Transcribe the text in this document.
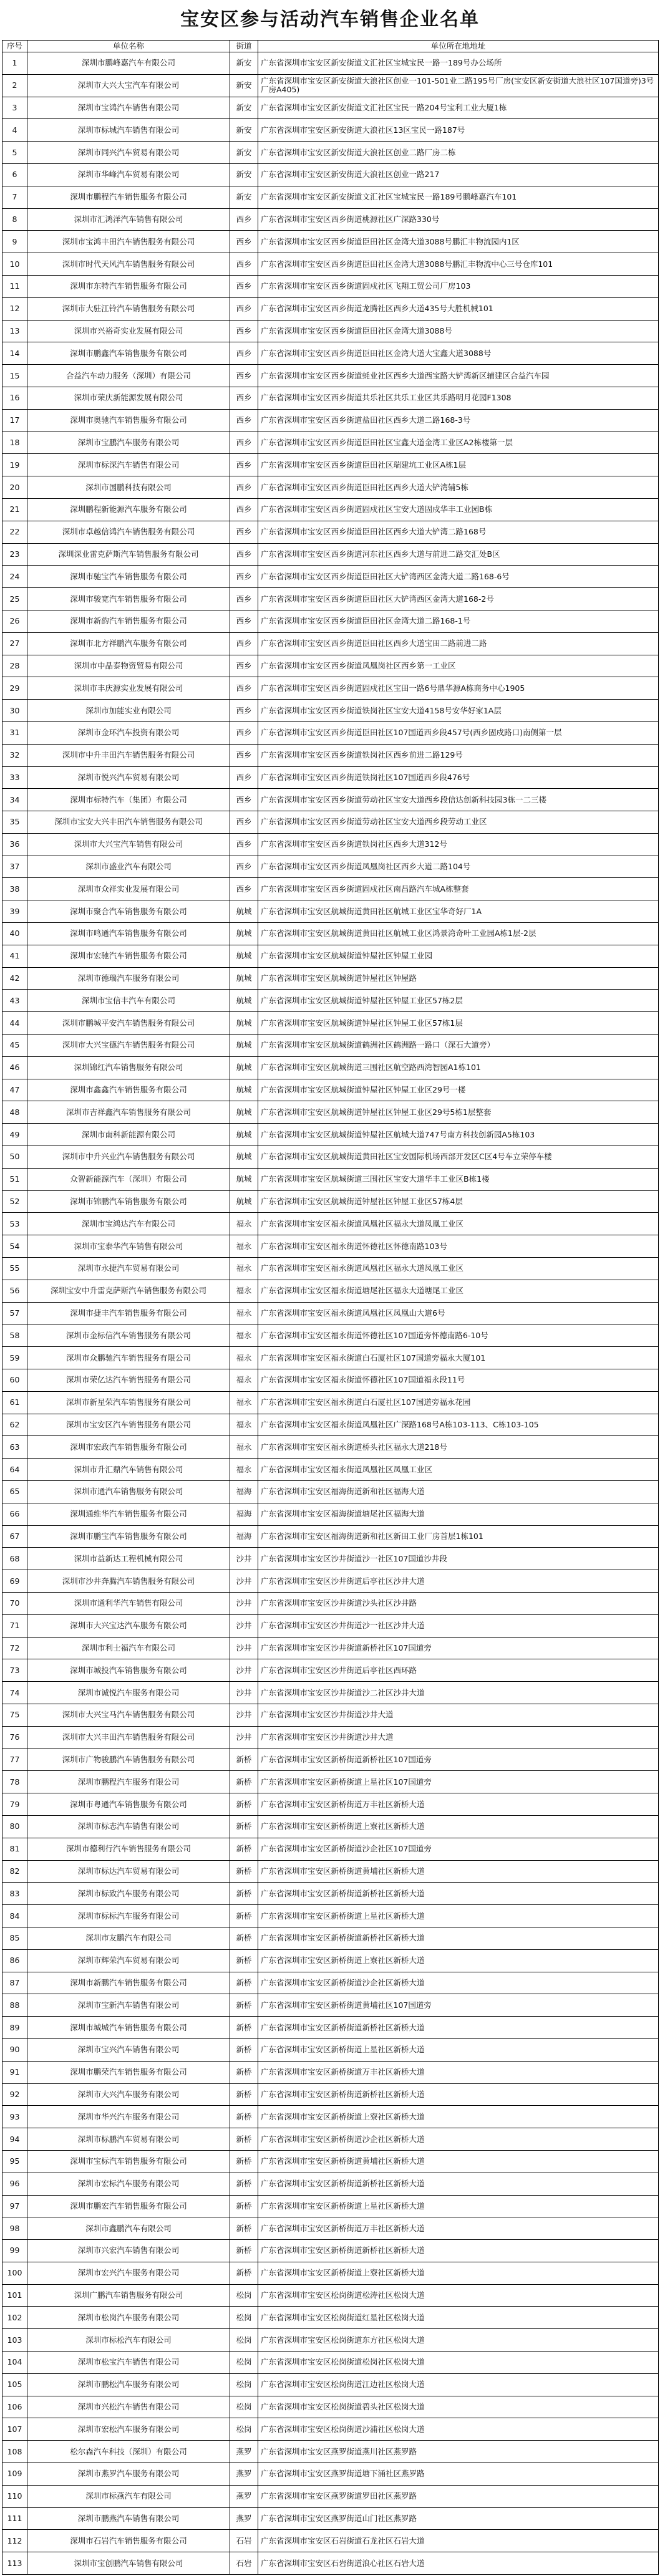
宝安区参与活动汽车销售企业名单
序号	单位名称	街道	单位所在地地址
1	深圳市鹏峰嘉汽车有限公司	新安	广东省深圳市宝安区新安街道文汇社区宝城宝民一路一189号办公场所
2	深圳市大兴大宝汽车有限公司	新安	广东省深圳市宝安区新安街道大浪社区创业一101-501业二路195号厂房(宝安区新安街道大浪社区107国道旁)3号厂房A405)
3	深圳市宝鸿汽车销售有限公司	新安	广东省深圳市宝安区新安街道文汇社区宝民一路204号宝利工业大厦1栋
4	深圳市标城汽车销售有限公司	新安	广东省深圳市宝安区新安街道大浪社区13区宝民一路187号
5	深圳市同兴汽车贸易有限公司	新安	广东省深圳市宝安区新安街道大浪社区创业二路厂房二栋
6	深圳市华峰汽车贸易有限公司	新安	广东省深圳市宝安区新安街道大浪社区创业一路217
7	深圳市鹏程汽车销售服务有限公司	新安	广东省深圳市宝安区新安街道文汇社区宝城宝民一路189号鹏峰嘉汽车101
8	深圳市汇鸿洋汽车销售有限公司	西乡	广东省深圳市宝安区西乡街道桃源社区广深路330号
9	深圳市宝鸿丰田汽车销售服务有限公司	西乡	广东省深圳市宝安区西乡街道臣田社区金湾大道3088号鹏汇丰物流园内1区
10	深圳市时代天风汽车销售服务有限公司	西乡	广东省深圳市宝安区西乡街道臣田社区金湾大道3088号鹏汇丰物流中心三号仓库101
11	深圳市东特汽车销售服务有限公司	西乡	广东省深圳市宝安区西乡街道固戍社区飞翔工贸公司厂房103
12	深圳市大驻江铃汽车销售服务有限公司	西乡	广东省深圳市宝安区西乡街道龙腾社区西乡大道435号大胜机械101
13	深圳市兴裕奇实业发展有限公司	西乡	广东省深圳市宝安区西乡街道臣田社区金湾大道3088号
14	深圳市鹏鑫汽车销售服务有限公司	西乡	广东省深圳市宝安区西乡街道臣田社区金湾大道大宝鑫大道3088号
15	合益汽车动力服务（深圳）有限公司	西乡	广东省深圳市宝安区西乡街道蚝业社区西乡大道西宝路大铲湾新区辅建区合益汽车园
16	深圳市荣庆新能源发展有限公司	西乡	广东省深圳市宝安区西乡街道共乐社区共乐工业区共乐路明月花园F1308
17	深圳市奥驰汽车销售服务有限公司	西乡	广东省深圳市宝安区西乡街道盐田社区西乡大道二路168-3号
18	深圳市宝鹏汽车服务有限公司	西乡	广东省深圳市宝安区西乡街道臣田社区宝鑫大道金湾工业区A2栋楼第一层
19	深圳市标深汽车销售有限公司	西乡	广东省深圳市宝安区西乡街道臣田社区瑞建坑工业区A栋1层
20	深圳市国鹏科技有限公司	西乡	广东省深圳市宝安区西乡街道臣田社区西乡大道大铲湾辅5栋
21	深圳鹏程新能源汽车服务有限公司	西乡	广东省深圳市宝安区西乡街道固戍社区宝安大道固戍华丰工业园B栋
22	深圳市卓越信鸿汽车销售服务有限公司	西乡	广东省深圳市宝安区西乡街道臣田社区西乡大道大铲湾二路168号
23	深圳深业雷克萨斯汽车销售服务有限公司	西乡	广东省深圳市宝安区西乡街道河东社区西乡大道与前进二路交汇处B区
24	深圳市驰宝汽车销售服务有限公司	西乡	广东省深圳市宝安区西乡街道臣田社区大铲湾西区金湾大道二路168-6号
25	深圳市骏宽汽车销售服务有限公司	西乡	广东省深圳市宝安区西乡街道臣田社区大铲湾西区金湾大道168-2号
26	深圳市新韵汽车销售服务有限公司	西乡	广东省深圳市宝安区西乡街道臣田社区金湾大道二路168-1号
27	深圳市北方祥鹏汽车服务有限公司	西乡	广东省深圳市宝安区西乡街道臣田社区西乡大道宝田二路前进二路
28	深圳市中晶泰物资贸易有限公司	西乡	广东省深圳市宝安区西乡街道凤凰岗社区西乡第一工业区
29	深圳市丰庆源实业发展有限公司	西乡	广东省深圳市宝安区西乡街道固戍社区宝田一路6号鼎华源A栋商务中心1905
30	深圳市加能实业有限公司	西乡	广东省深圳市宝安区西乡街道铁岗社区宝安大道4158号安华好家1A层
31	深圳市金环汽车投资有限公司	西乡	广东省深圳市宝安区西乡街道臣田社区107国道西乡段457号(西乡固戍路口)南侧第一层
32	深圳市中升丰田汽车销售服务有限公司	西乡	广东省深圳市宝安区西乡街道铁岗社区西乡前进二路129号
33	深圳市悦兴汽车贸易有限公司	西乡	广东省深圳市宝安区西乡街道铁岗社区107国道西乡段476号
34	深圳市标特汽车（集团）有限公司	西乡	广东省深圳市宝安区西乡街道劳动社区宝安大道西乡段信达创新科技园3栋一二三楼
35	深圳市宝安大兴丰田汽车销售服务有限公司	西乡	广东省深圳市宝安区西乡街道劳动社区宝安大道西乡段劳动工业区
36	深圳市大兴宝汽车销售有限公司	西乡	广东省深圳市宝安区西乡街道铁岗社区西乡大道312号
37	深圳市盛业汽车有限公司	西乡	广东省深圳市宝安区西乡街道凤凰岗社区西乡大道二路104号
38	深圳市众祥实业发展有限公司	西乡	广东省深圳市宝安区西乡街道固戍社区南昌路汽车城A栋整套
39	深圳市聚合汽车销售服务有限公司	航城	广东省深圳市宝安区航城街道黄田社区航城工业区宝华奇好厂1A
40	深圳市鸣通汽车销售服务有限公司	航城	广东省深圳市宝安区航城街道黄田社区航城工业区鸿景湾奇叶工业园A栋1层-2层
41	深圳市宏驰汽车销售服务有限公司	航城	广东省深圳市宝安区航城街道钟屋社区钟屋工业园
42	深圳市德瑞汽车服务有限公司	航城	广东省深圳市宝安区航城街道钟屋社区钟屋路
43	深圳市宝信丰汽车有限公司	航城	广东省深圳市宝安区航城街道钟屋社区钟屋工业区57栋2层
44	深圳市鹏城平安汽车销售服务有限公司	航城	广东省深圳市宝安区航城街道钟屋社区钟屋工业区57栋1层
45	深圳市大兴宝德汽车销售服务有限公司	航城	广东省深圳市宝安区航城街道鹤洲社区鹤洲路一路口（深石大道旁）
46	深圳锦红汽车销售服务有限公司	航城	广东省深圳市宝安区航城街道三围社区航空路西湾智园A1栋101
47	深圳市鑫鑫汽车销售服务有限公司	航城	广东省深圳市宝安区航城街道钟屋社区钟屋工业区29号一楼
48	深圳市吉祥鑫汽车销售服务有限公司	航城	广东省深圳市宝安区航城街道钟屋社区钟屋工业区29号5栋1层整套
49	深圳市南科新能源有限公司	航城	广东省深圳市宝安区航城街道钟屋社区航城大道747号南方科技创新园A5栋103
50	深圳市中升兴业汽车销售服务有限公司	航城	广东省深圳市宝安区航城街道黄田社区宝安国际机场西部开发区C区4号车立荣停车楼
51	众智新能源汽车（深圳）有限公司	航城	广东省深圳市宝安区航城街道三围社区宝安大道华丰工业区B栋1楼
52	深圳市锦鹏汽车销售服务有限公司	航城	广东省深圳市宝安区航城街道钟屋社区钟屋工业区57栋4层
53	深圳市宝鸿达汽车有限公司	福永	广东省深圳市宝安区福永街道凤凰社区福永大道凤凰工业区
54	深圳市宝泰华汽车销售有限公司	福永	广东省深圳市宝安区福永街道怀德社区怀德南路103号
55	深圳市永捷汽车贸易有限公司	福永	广东省深圳市宝安区福永街道凤凰社区福永大道凤凰工业区
56	深圳宝安中升雷克萨斯汽车销售服务有限公司	福永	广东省深圳市宝安区福永街道塘尾社区福永大道塘尾工业区
57	深圳市捷丰汽车销售服务有限公司	福永	广东省深圳市宝安区福永街道凤凰社区凤凰山大道6号
58	深圳市金标信汽车销售服务有限公司	福永	广东省深圳市宝安区福永街道怀德社区107国道旁怀德南路6-10号
59	深圳市众鹏驰汽车销售服务有限公司	福永	广东省深圳市宝安区福永街道白石厦社区107国道旁福永大厦101
60	深圳市荣亿达汽车销售服务有限公司	福永	广东省深圳市宝安区福永街道怀德社区107国道福永段11号
61	深圳市新星荣汽车销售服务有限公司	福永	广东省深圳市宝安区福永街道白石厦社区107国道旁福永花园
62	深圳市宝安区汽车销售服务有限公司	福永	广东省深圳市宝安区福永街道凤凰社区广深路168号A栋103-113、C栋103-105
63	深圳市宏政汽车销售服务有限公司	福永	广东省深圳市宝安区福永街道桥头社区福永大道218号
64	深圳市升汇鼎汽车销售有限公司	福永	广东省深圳市宝安区福永街道凤凰社区凤凰工业区
65	深圳市通汽车销售服务有限公司	福海	广东省深圳市宝安区福海街道新和社区福海大道
66	深圳通维华汽车销售服务有限公司	福海	广东省深圳市宝安区福海街道塘尾社区福海大道
67	深圳市鹏宝汽车销售服务有限公司	福海	广东省深圳市宝安区福海街道新和社区新田工业厂房首层1栋101
68	深圳市益新达工程机械有限公司	沙井	广东省深圳市宝安区沙井街道沙一社区107国道沙井段
69	深圳市沙井奔腾汽车销售服务有限公司	沙井	广东省深圳市宝安区沙井街道后亭社区沙井大道
70	深圳市通利华汽车销售有限公司	沙井	广东省深圳市宝安区沙井街道沙头社区沙井路
71	深圳市大兴宝达汽车服务有限公司	沙井	广东省深圳市宝安区沙井街道沙一社区沙井大道
72	深圳市利士福汽车有限公司	沙井	广东省深圳市宝安区沙井街道新桥社区107国道旁
73	深圳市城投汽车销售服务有限公司	沙井	广东省深圳市宝安区沙井街道后亭社区西环路
74	深圳市诚悦汽车服务有限公司	沙井	广东省深圳市宝安区沙井街道沙二社区沙井大道
75	深圳市大兴宝马汽车销售服务有限公司	沙井	广东省深圳市宝安区沙井街道沙井大道
76	深圳市大兴丰田汽车销售服务有限公司	沙井	广东省深圳市宝安区沙井街道沙井大道
77	深圳市广物骏鹏汽车销售服务有限公司	新桥	广东省深圳市宝安区新桥街道新桥社区107国道旁
78	深圳市鹏程汽车服务有限公司	新桥	广东省深圳市宝安区新桥街道上星社区107国道旁
79	深圳市粤通汽车销售服务有限公司	新桥	广东省深圳市宝安区新桥街道万丰社区新桥大道
80	深圳市标志汽车销售有限公司	新桥	广东省深圳市宝安区新桥街道上寮社区新桥大道
81	深圳市德利行汽车销售服务有限公司	新桥	广东省深圳市宝安区新桥街道沙企社区107国道旁
82	深圳市标达汽车贸易有限公司	新桥	广东省深圳市宝安区新桥街道黄埔社区新桥大道
83	深圳市标致汽车服务有限公司	新桥	广东省深圳市宝安区新桥街道新桥社区新桥大道
84	深圳市标标汽车服务有限公司	新桥	广东省深圳市宝安区新桥街道上星社区新桥大道
85	深圳市友鹏汽车有限公司	新桥	广东省深圳市宝安区新桥街道新桥社区新桥大道
86	深圳市辉荣汽车贸易有限公司	新桥	广东省深圳市宝安区新桥街道上寮社区新桥大道
87	深圳市新鹏汽车销售服务有限公司	新桥	广东省深圳市宝安区新桥街道沙企社区新桥大道
88	深圳市宝新汽车销售有限公司	新桥	广东省深圳市宝安区新桥街道黄埔社区107国道旁
89	深圳市城城汽车销售服务有限公司	新桥	广东省深圳市宝安区新桥街道新桥社区新桥大道
90	深圳市宝兴汽车销售有限公司	新桥	广东省深圳市宝安区新桥街道上星社区新桥大道
91	深圳市鹏荣汽车销售服务有限公司	新桥	广东省深圳市宝安区新桥街道万丰社区新桥大道
92	深圳市大兴汽车服务有限公司	新桥	广东省深圳市宝安区新桥街道新桥社区新桥大道
93	深圳市华兴汽车服务有限公司	新桥	广东省深圳市宝安区新桥街道上寮社区新桥大道
94	深圳市标鹏汽车贸易有限公司	新桥	广东省深圳市宝安区新桥街道沙企社区新桥大道
95	深圳市宝标汽车销售服务有限公司	新桥	广东省深圳市宝安区新桥街道黄埔社区新桥大道
96	深圳市宏标汽车服务有限公司	新桥	广东省深圳市宝安区新桥街道新桥社区新桥大道
97	深圳市鹏宏汽车销售服务有限公司	新桥	广东省深圳市宝安区新桥街道上星社区新桥大道
98	深圳市鑫鹏汽车有限公司	新桥	广东省深圳市宝安区新桥街道万丰社区新桥大道
99	深圳市兴宏汽车销售有限公司	新桥	广东省深圳市宝安区新桥街道新桥社区新桥大道
100	深圳市宏兴汽车服务有限公司	新桥	广东省深圳市宝安区新桥街道上寮社区新桥大道
101	深圳广鹏汽车销售服务有限公司	松岗	广东省深圳市宝安区松岗街道松涛社区松岗大道
102	深圳市松岗汽车服务有限公司	松岗	广东省深圳市宝安区松岗街道红星社区松岗大道
103	深圳市标松汽车有限公司	松岗	广东省深圳市宝安区松岗街道东方社区松岗大道
104	深圳市松宝汽车销售有限公司	松岗	广东省深圳市宝安区松岗街道松岗社区松岗大道
105	深圳市鹏松汽车服务有限公司	松岗	广东省深圳市宝安区松岗街道江边社区松岗大道
106	深圳市兴松汽车销售有限公司	松岗	广东省深圳市宝安区松岗街道碧头社区松岗大道
107	深圳市宏松汽车服务有限公司	松岗	广东省深圳市宝安区松岗街道沙浦社区松岗大道
108	松尔森汽车科技（深圳）有限公司	燕罗	广东省深圳市宝安区燕罗街道燕川社区燕罗路
109	深圳市燕罗汽车服务有限公司	燕罗	广东省深圳市宝安区燕罗街道塘下涌社区燕罗路
110	深圳市标燕汽车有限公司	燕罗	广东省深圳市宝安区燕罗街道罗田社区燕罗路
111	深圳市鹏燕汽车销售有限公司	燕罗	广东省深圳市宝安区燕罗街道山门社区燕罗路
112	深圳市石岩汽车销售服务有限公司	石岩	广东省深圳市宝安区石岩街道石龙社区石岩大道
113	深圳市宝创鹏汽车销售有限公司	石岩	广东省深圳市宝安区石岩街道浪心社区石岩大道
